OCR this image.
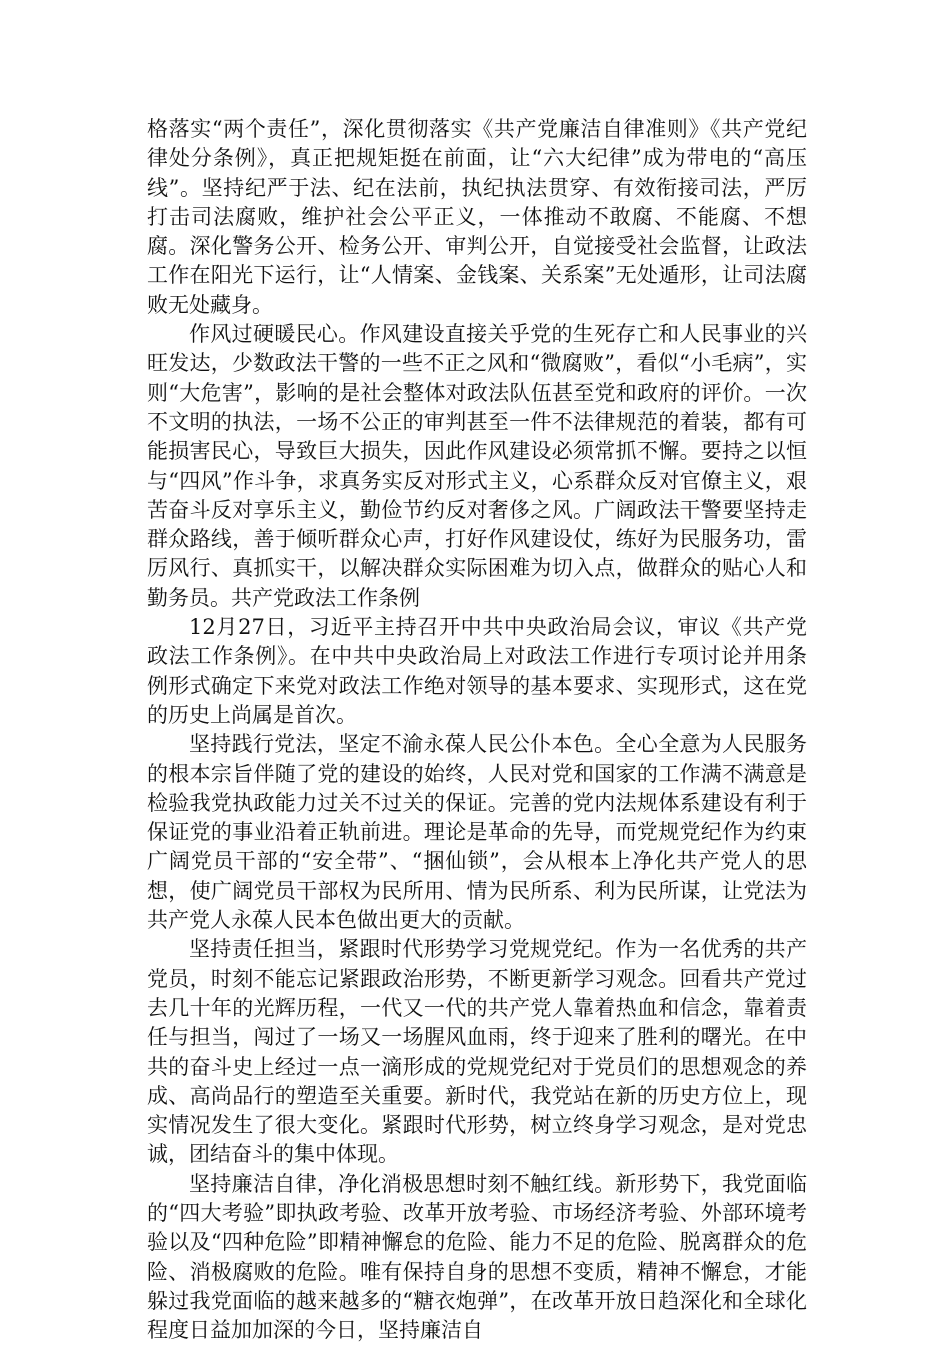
格落实“两个责任”，深化贯彻落实《共产党廉洁自律准则》《共产党纪律处分条例》，真正把规矩挺在前面，让“六大纪律”成为带电的“高压线”。坚持纪严于法、纪在法前，执纪执法贯穿、有效衔接司法，严厉打击司法腐败，维护社会公平正义，一体推动不敢腐、不能腐、不想腐。深化警务公开、检务公开、审判公开，自觉接受社会监督，让政法工作在阳光下运行，让“人情案、金钱案、关系案”无处遁形，让司法腐败无处藏身。

作风过硬暖民心。作风建设直接关乎党的生死存亡和人民事业的兴旺发达，少数政法干警的一些不正之风和“微腐败”，看似“小毛病”，实则“大危害”，影响的是社会整体对政法队伍甚至党和政府的评价。一次不文明的执法，一场不公正的审判甚至一件不法律规范的着装，都有可能损害民心，导致巨大损失，因此作风建设必须常抓不懈。要持之以恒与“四风”作斗争，求真务实反对形式主义，心系群众反对官僚主义，艰苦奋斗反对享乐主义，勤俭节约反对奢侈之风。广阔政法干警要坚持走群众路线，善于倾听群众心声，打好作风建设仗，练好为民服务功，雷厉风行、真抓实干，以解决群众实际困难为切入点，做群众的贴心人和勤务员。共产党政法工作条例

12月27日，习近平主持召开中共中央政治局会议，审议《共产党政法工作条例》。在中共中央政治局上对政法工作进行专项讨论并用条例形式确定下来党对政法工作绝对领导的基本要求、实现形式，这在党的历史上尚属是首次。

坚持践行党法，坚定不渝永葆人民公仆本色。全心全意为人民服务的根本宗旨伴随了党的建设的始终，人民对党和国家的工作满不满意是检验我党执政能力过关不过关的保证。完善的党内法规体系建设有利于保证党的事业沿着正轨前进。理论是革命的先导，而党规党纪作为约束广阔党员干部的“安全带”、“捆仙锁”，会从根本上净化共产党人的思想，使广阔党员干部权为民所用、情为民所系、利为民所谋，让党法为共产党人永葆人民本色做出更大的贡献。

坚持责任担当，紧跟时代形势学习党规党纪。作为一名优秀的共产党员，时刻不能忘记紧跟政治形势，不断更新学习观念。回看共产党过去几十年的光辉历程，一代又一代的共产党人靠着热血和信念，靠着责任与担当，闯过了一场又一场腥风血雨，终于迎来了胜利的曙光。在中共的奋斗史上经过一点一滴形成的党规党纪对于党员们的思想观念的养成、高尚品行的塑造至关重要。新时代，我党站在新的历史方位上，现实情况发生了很大变化。紧跟时代形势，树立终身学习观念，是对党忠诚，团结奋斗的集中体现。

坚持廉洁自律，净化消极思想时刻不触红线。新形势下，我党面临的“四大考验”即执政考验、改革开放考验、市场经济考验、外部环境考验以及“四种危险”即精神懈怠的危险、能力不足的危险、脱离群众的危险、消极腐败的危险。唯有保持自身的思想不变质，精神不懈怠，才能躲过我党面临的越来越多的“糖衣炮弹”，在改革开放日趋深化和全球化程度日益加加深的今日，坚持廉洁自
